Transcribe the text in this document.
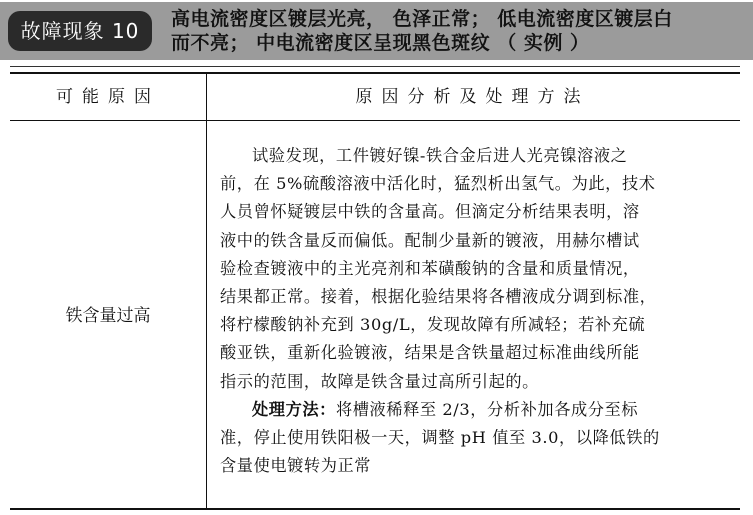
故障现象 10	高电流密度区镀层光亮， 色泽正常； 低电流密度区镀层白
而不亮； 中电流密度区呈现黑色斑纹 （ 实例 ）
可能原因	原因分析及处理方法
铁含量过高
试验发现，工件镀好镍-铁合金后进人光亮镍溶液之
前，在 5%硫酸溶液中活化时，猛烈析出氢气。为此，技术
人员曾怀疑镀层中铁的含量高。但滴定分析结果表明，溶
液中的铁含量反而偏低。配制少量新的镀液，用赫尔槽试
验检查镀液中的主光亮剂和苯磺酸钠的含量和质量情况，
结果都正常。接着，根据化验结果将各槽液成分调到标准，
将柠檬酸钠补充到 30g/L，发现故障有所减轻；若补充硫
酸亚铁，重新化验镀液，结果是含铁量超过标准曲线所能
指示的范围，故障是铁含量过高所引起的。
处理方法：将槽液稀释至 2/3，分析补加各成分至标
准，停止使用铁阳极一天，调整 pH 值至 3.0，以降低铁的
含量使电镀转为正常
